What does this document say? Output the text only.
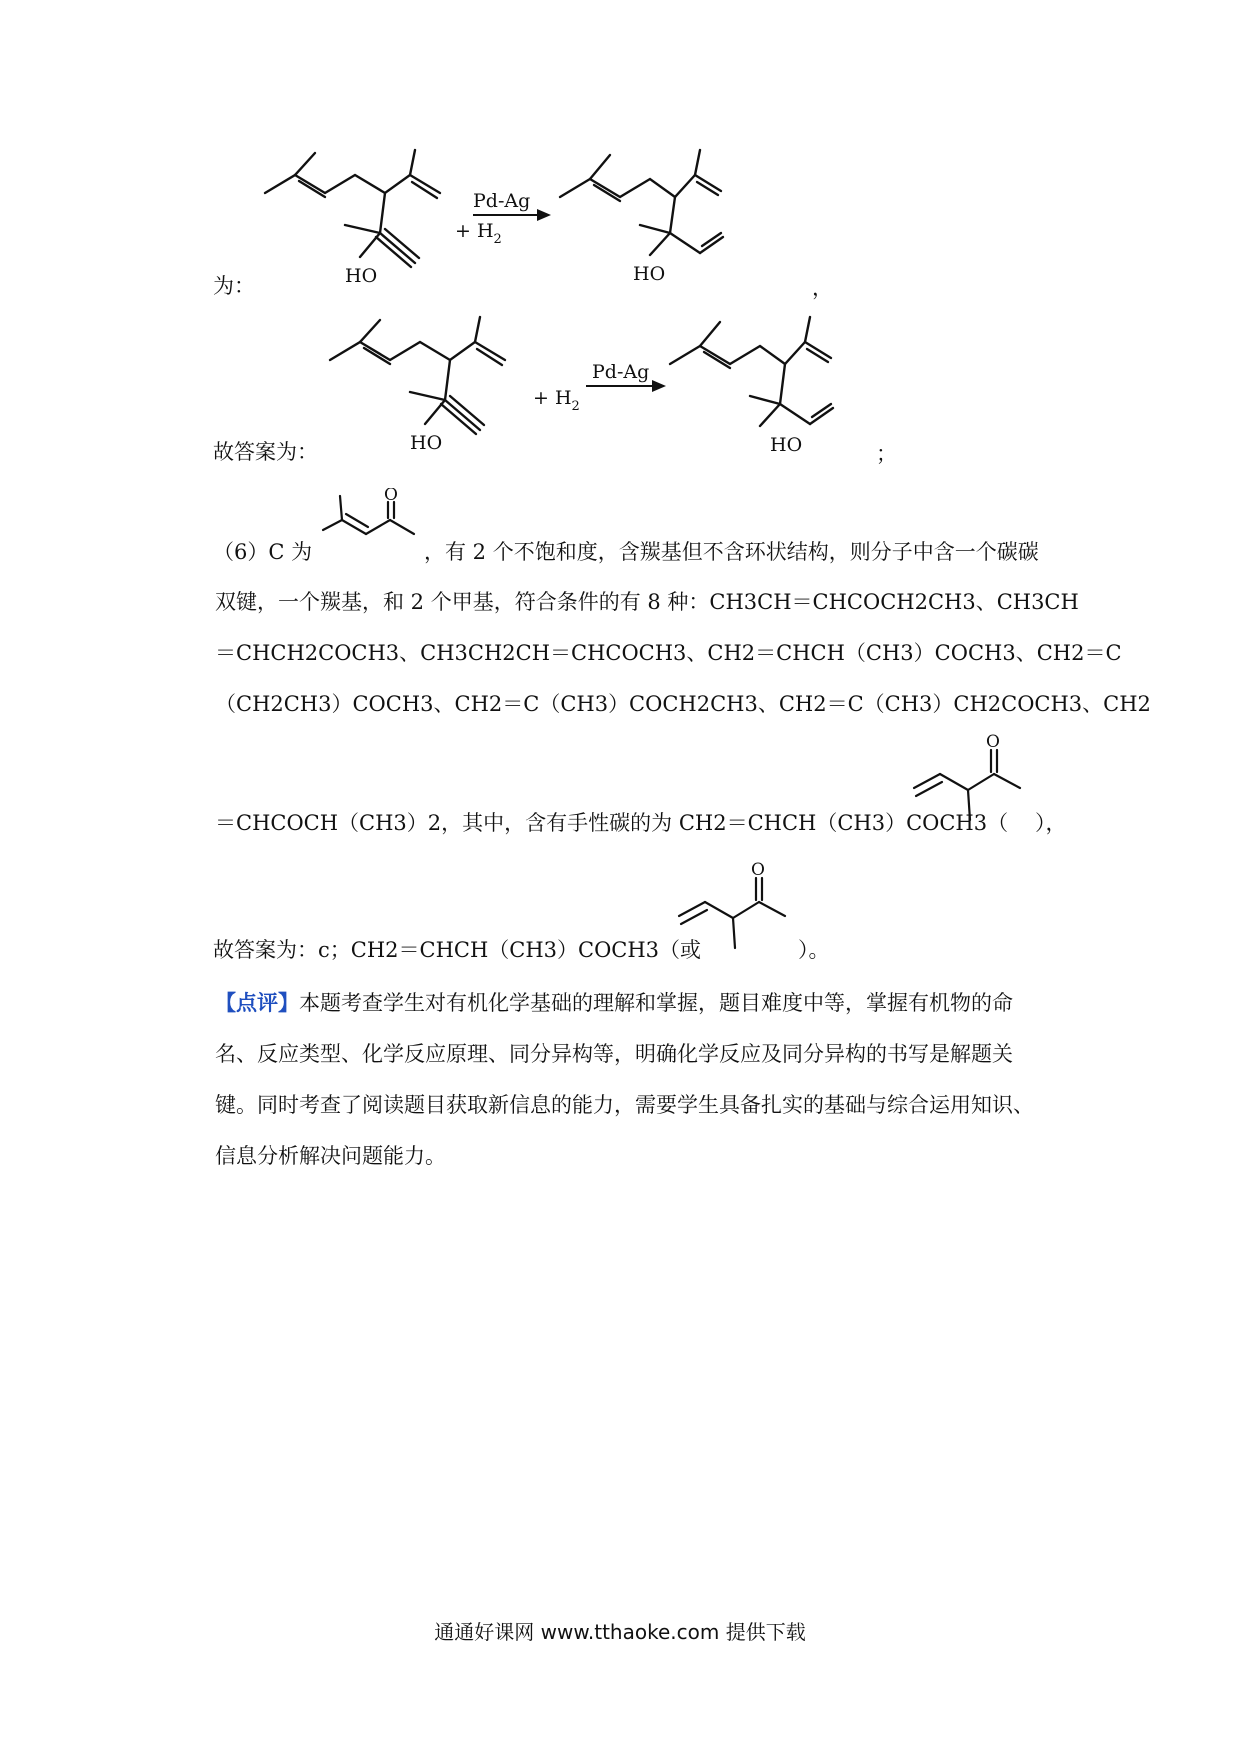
为：	HO
+ $H_2$
Pd-Ag
HO
，
故答案为：	HO
+ $H_2$
Pd-Ag
HO	；
（6）C 为
O
，有 2 个不饱和度，含羰基但不含环状结构，则分子中含一个碳碳
双键，一个羰基，和 2 个甲基，符合条件的有 8 种：CH3CH＝CHCOCH2CH3、CH3CH
＝CHCH2COCH3、CH3CH2CH＝CHCOCH3、CH2＝CHCH（CH3）COCH3、CH2＝C
（CH2CH3）COCH3、CH2＝C（CH3）COCH2CH3、CH2＝C（CH3）CH2COCH3、CH2
＝CHCOCH（CH3）2，其中，含有手性碳的为 CH2＝CHCH（CH3）COCH3（
O
），
故答案为：c；CH2＝CHCH（CH3）COCH3（或
O
）。
【点评】本题考查学生对有机化学基础的理解和掌握，题目难度中等，掌握有机物的命
名、反应类型、化学反应原理、同分异构等，明确化学反应及同分异构的书写是解题关
键。同时考查了阅读题目获取新信息的能力，需要学生具备扎实的基础与综合运用知识、
信息分析解决问题能力。
通通好课网 www.tthaoke.com 提供下载
